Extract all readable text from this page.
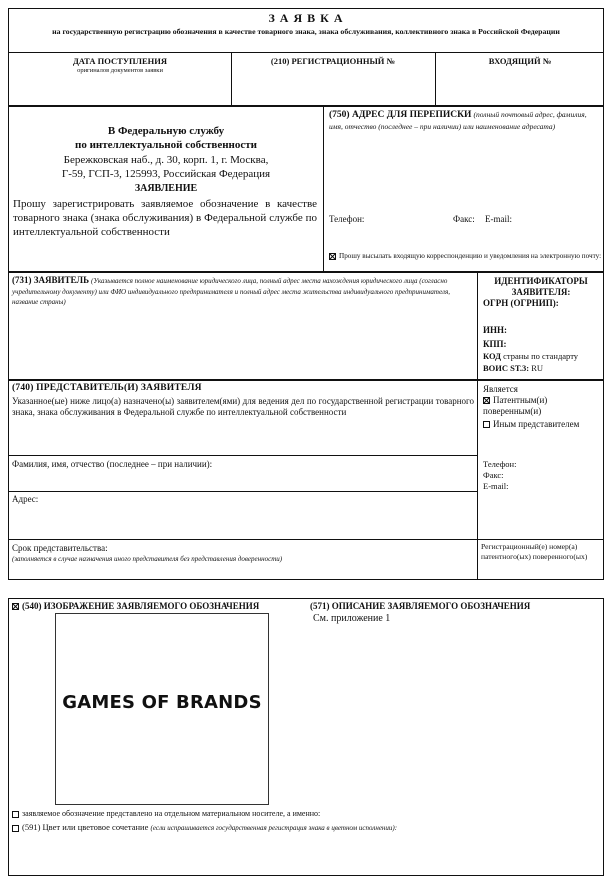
З А Я В К А
на государственную регистрацию обозначения в качестве товарного знака, знака обслуживания, коллективного знака в Российской Федерации
ДАТА ПОСТУПЛЕНИЯ
оригиналов документов заявки
(210) РЕГИСТРАЦИОННЫЙ №	ВХОДЯЩИЙ №
В Федеральную службу
по интеллектуальной собственности
Бережковская наб., д. 30, корп. 1, г. Москва,
Г-59, ГСП-3, 125993, Российская Федерация
ЗАЯВЛЕНИЕ
Прошу зарегистрировать заявляемое обозначение в качестве товарного знака (знака обслуживания) в Федеральной службе по интеллектуальной собственности
(750) АДРЕС ДЛЯ ПЕРЕПИСКИ (полный почтовый адрес, фамилия, имя, отчество (последнее – при наличии) или наименование адресата)
Телефон:	Факс: E-mail:
Прошу высылать входящую корреспонденцию и уведомления на электронную почту:
(731) ЗАЯВИТЕЛЬ (Указывается полное наименование юридического лица, полный адрес места нахождения юридического лица (согласно учредительному документу) или ФИО индивидуального предпринимателя и полный адрес места жительства индивидуального предпринимателя, название страны)
ИДЕНТИФИКАТОРЫ ЗАЯВИТЕЛЯ:
ОГРН (ОГРНИП):
ИНН:
КПП:
КОД страны по стандарту
ВОИС ST.3: RU
(740) ПРЕДСТАВИТЕЛЬ(И) ЗАЯВИТЕЛЯ
Указанное(ые) ниже лицо(а) назначено(ы) заявителем(ями) для ведения дел по государственной регистрации товарного знака, знака обслуживания в Федеральной службе по интеллектуальной собственности
Является
Патентным(и) поверенным(и)
Иным представителем
Фамилия, имя, отчество (последнее – при наличии):	Телефон:
Факс:
E-mail:
Адрес:
Срок представительства:
(заполняется в случае назначения иного представителя без представления доверенности)
Регистрационный(е) номер(а) патентного(ых) поверенного(ых)
(540) ИЗОБРАЖЕНИЕ ЗАЯВЛЯЕМОГО ОБОЗНАЧЕНИЯ	(571) ОПИСАНИЕ ЗАЯВЛЯЕМОГО ОБОЗНАЧЕНИЯ
См. приложение 1
GAMES OF BRANDS
заявляемое обозначение представлено на отдельном материальном носителе, а именно:
(591) Цвет или цветовое сочетание (если испрашивается государственная регистрация знака в цветном исполнении):
